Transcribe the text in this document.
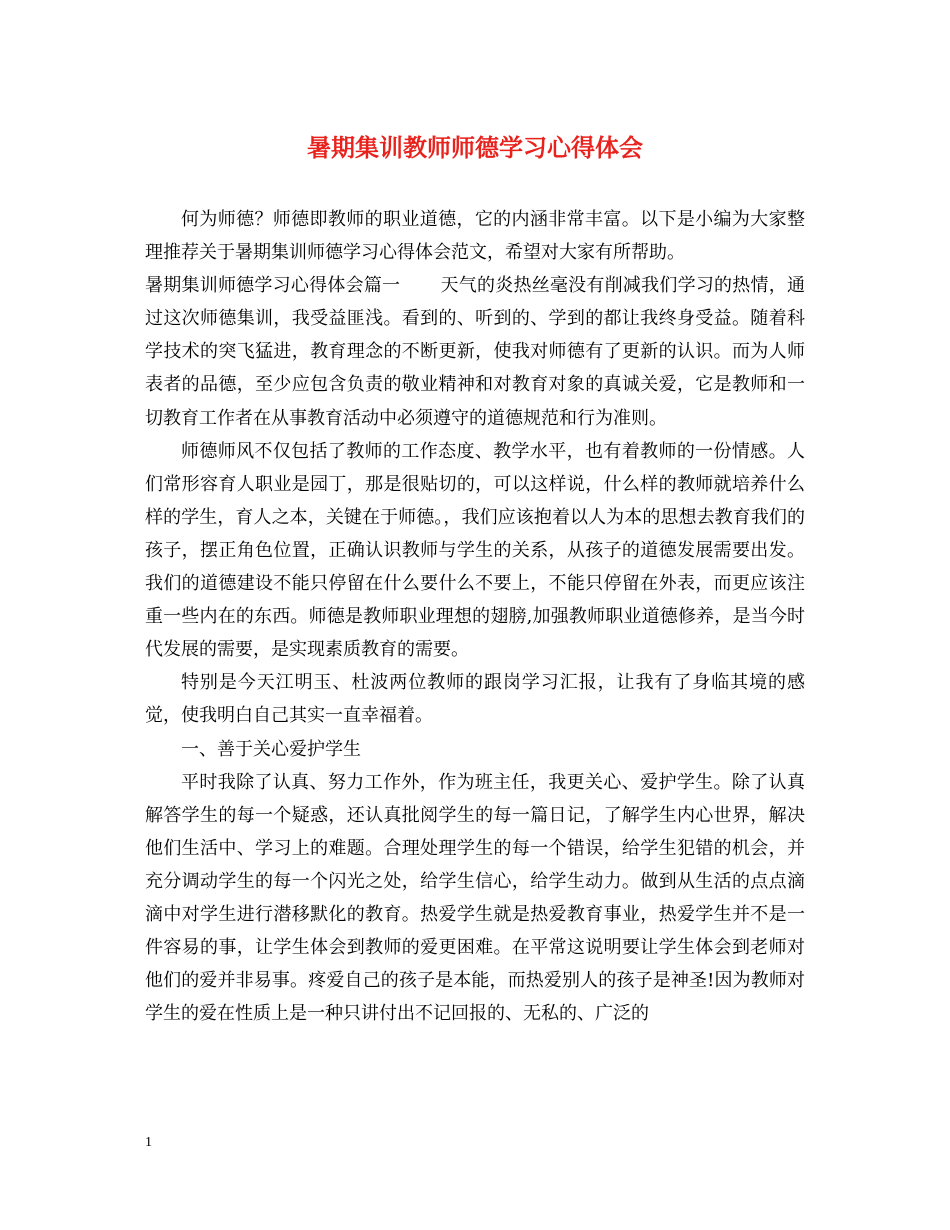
暑期集训教师师德学习心得体会

何为师德？师德即教师的职业道德，它的内涵非常丰富。以下是小编为大家整理推荐关于暑期集训师德学习心得体会范文，希望对大家有所帮助。

暑期集训师德学习心得体会篇一 天气的炎热丝毫没有削减我们学习的热情，通过这次师德集训，我受益匪浅。看到的、听到的、学到的都让我终身受益。随着科学技术的突飞猛进，教育理念的不断更新，使我对师德有了更新的认识。而为人师表者的品德，至少应包含负责的敬业精神和对教育对象的真诚关爱，它是教师和一切教育工作者在从事教育活动中必须遵守的道德规范和行为准则。

师德师风不仅包括了教师的工作态度、教学水平，也有着教师的一份情感。人们常形容育人职业是园丁，那是很贴切的，可以这样说，什么样的教师就培养什么样的学生，育人之本，关键在于师德。，我们应该抱着以人为本的思想去教育我们的孩子，摆正角色位置，正确认识教师与学生的关系，从孩子的道德发展需要出发。我们的道德建设不能只停留在什么要什么不要上，不能只停留在外表，而更应该注重一些内在的东西。师德是教师职业理想的翅膀,加强教师职业道德修养，是当今时代发展的需要，是实现素质教育的需要。

特别是今天江明玉、杜波两位教师的跟岗学习汇报，让我有了身临其境的感觉，使我明白自己其实一直幸福着。

一、善于关心爱护学生

平时我除了认真、努力工作外，作为班主任，我更关心、爱护学生。除了认真解答学生的每一个疑惑，还认真批阅学生的每一篇日记，了解学生内心世界，解决他们生活中、学习上的难题。合理处理学生的每一个错误，给学生犯错的机会，并充分调动学生的每一个闪光之处，给学生信心，给学生动力。做到从生活的点点滴滴中对学生进行潜移默化的教育。热爱学生就是热爱教育事业，热爱学生并不是一件容易的事，让学生体会到教师的爱更困难。在平常这说明要让学生体会到老师对他们的爱并非易事。疼爱自己的孩子是本能，而热爱别人的孩子是神圣!因为教师对学生的爱在性质上是一种只讲付出不记回报的、无私的、广泛的

1
